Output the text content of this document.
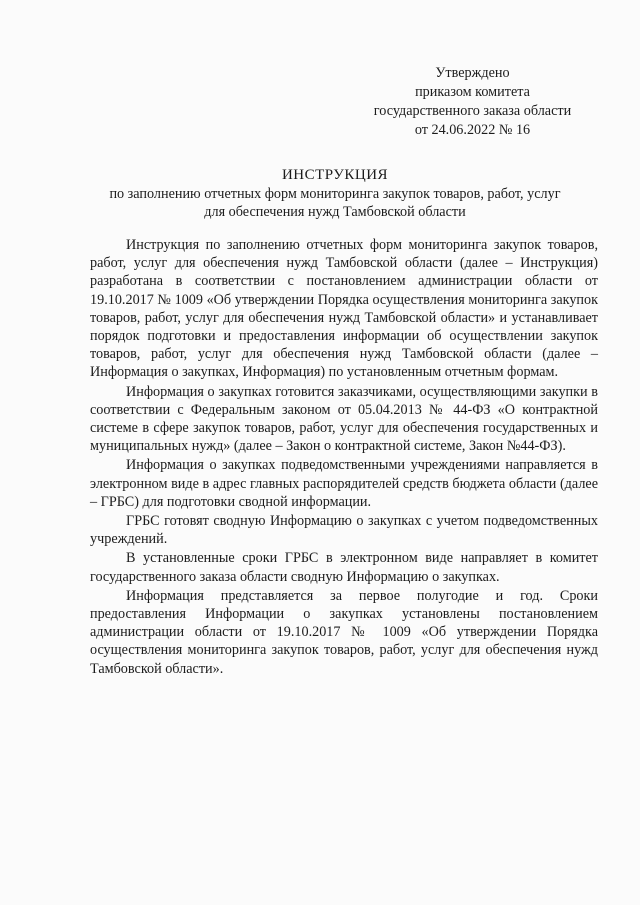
Утверждено
приказом комитета
государственного заказа области
от 24.06.2022 № 16
ИНСТРУКЦИЯ
по заполнению отчетных форм мониторинга закупок товаров, работ, услуг
для обеспечения нужд Тамбовской области

Инструкция по заполнению отчетных форм мониторинга закупок товаров, работ, услуг для обеспечения нужд Тамбовской области (далее – Инструкция) разработана в соответствии с постановлением администрации области от 19.10.2017 № 1009 «Об утверждении Порядка осуществления мониторинга закупок товаров, работ, услуг для обеспечения нужд Тамбовской области» и устанавливает порядок подготовки и предоставления информации об осуществлении закупок товаров, работ, услуг для обеспечения нужд Тамбовской области (далее – Информация о закупках, Информация) по установленным отчетным формам.

Информация о закупках готовится заказчиками, осуществляющими закупки в соответствии с Федеральным законом от 05.04.2013 № 44-ФЗ «О контрактной системе в сфере закупок товаров, работ, услуг для обеспечения государственных и муниципальных нужд» (далее – Закон о контрактной системе, Закон №44-ФЗ).

Информация о закупках подведомственными учреждениями направляется в электронном виде в адрес главных распорядителей средств бюджета области (далее – ГРБС) для подготовки сводной информации.

ГРБС готовят сводную Информацию о закупках с учетом подведомственных учреждений.

В установленные сроки ГРБС в электронном виде направляет в комитет государственного заказа области сводную Информацию о закупках.

Информация представляется за первое полугодие и год. Сроки предоставления Информации о закупках установлены постановлением администрации области от 19.10.2017 № 1009 «Об утверждении Порядка осуществления мониторинга закупок товаров, работ, услуг для обеспечения нужд Тамбовской области».
